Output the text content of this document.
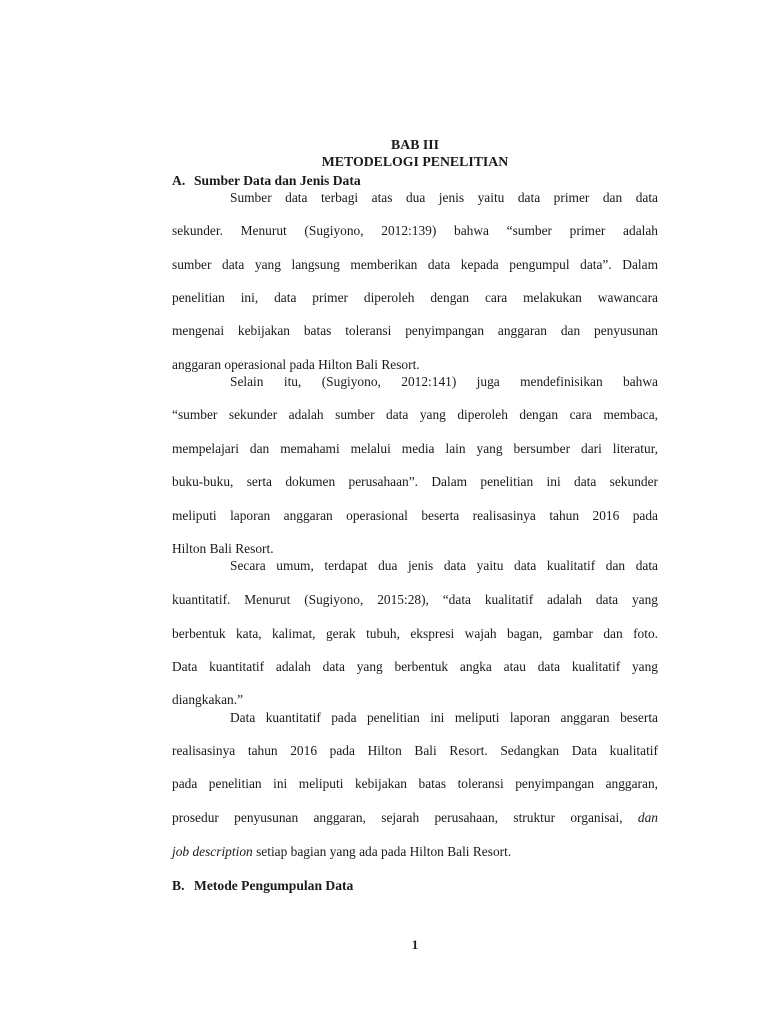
BAB III

METODELOGI PENELITIAN

A. Sumber Data dan Jenis Data

Sumber data terbagi atas dua jenis yaitu data primer dan data
sekunder. Menurut (Sugiyono, 2012:139) bahwa “sumber primer adalah
sumber data yang langsung memberikan data kepada pengumpul data”. Dalam
penelitian ini, data primer diperoleh dengan cara melakukan wawancara
mengenai kebijakan batas toleransi penyimpangan anggaran dan penyusunan
anggaran operasional pada Hilton Bali Resort.
Selain itu, (Sugiyono, 2012:141) juga mendefinisikan bahwa
“sumber sekunder adalah sumber data yang diperoleh dengan cara membaca,
mempelajari dan memahami melalui media lain yang bersumber dari literatur,
buku-buku, serta dokumen perusahaan”. Dalam penelitian ini data sekunder
meliputi laporan anggaran operasional beserta realisasinya tahun 2016 pada
Hilton Bali Resort.
Secara umum, terdapat dua jenis data yaitu data kualitatif dan data
kuantitatif. Menurut (Sugiyono, 2015:28), “data kualitatif adalah data yang
berbentuk kata, kalimat, gerak tubuh, ekspresi wajah bagan, gambar dan foto.
Data kuantitatif adalah data yang berbentuk angka atau data kualitatif yang
diangkakan.”
Data kuantitatif pada penelitian ini meliputi laporan anggaran beserta
realisasinya tahun 2016 pada Hilton Bali Resort. Sedangkan Data kualitatif
pada penelitian ini meliputi kebijakan batas toleransi penyimpangan anggaran,
prosedur penyusunan anggaran, sejarah perusahaan, struktur organisai, dan
job description setiap bagian yang ada pada Hilton Bali Resort.

B. Metode Pengumpulan Data

1
